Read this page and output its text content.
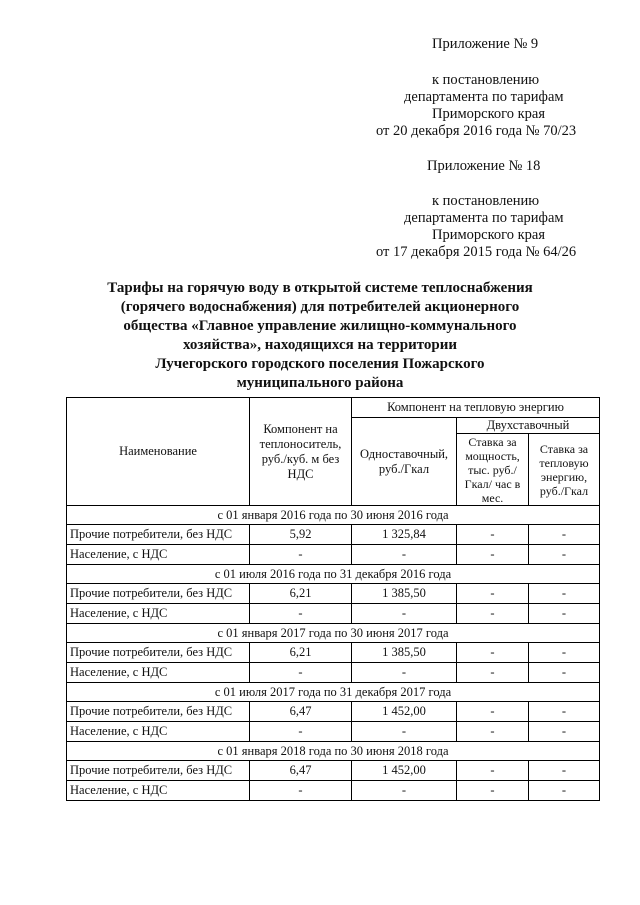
Приложение № 9
к постановлению
департамента по тарифам
Приморского края
от 20 декабря 2016 года № 70/23
Приложение № 18
к постановлению
департамента по тарифам
Приморского края
от 17 декабря 2015 года № 64/26
Тарифы на горячую воду в открытой системе теплоснабжения
(горячего водоснабжения) для потребителей акционерного
общества «Главное управление жилищно-коммунального
хозяйства», находящихся на территории
Лучегорского городского поселения Пожарского
муниципального района
Наименование	Компонент на теплоноситель, руб./куб. м без НДС	Компонент на тепловую энергию		
		Одноставочный, руб./Гкал	Двухставочный	
			Ставка за мощность, тыс. руб./Гкал/ час в мес.	Ставка за тепловую энергию, руб./Гкал
с 01 января 2016 года по 30 июня 2016 года				
Прочие потребители, без НДС	5,92	1 325,84	-	-
Население, с НДС	-	-	-	-
с 01 июля 2016 года по 31 декабря 2016 года				
Прочие потребители, без НДС	6,21	1 385,50	-	-
Население, с НДС	-	-	-	-
с 01 января 2017 года по 30 июня 2017 года				
Прочие потребители, без НДС	6,21	1 385,50	-	-
Население, с НДС	-	-	-	-
с 01 июля 2017 года по 31 декабря 2017 года				
Прочие потребители, без НДС	6,47	1 452,00	-	-
Население, с НДС	-	-	-	-
с 01 января 2018 года по 30 июня 2018 года				
Прочие потребители, без НДС	6,47	1 452,00	-	-
Население, с НДС	-	-	-	-
